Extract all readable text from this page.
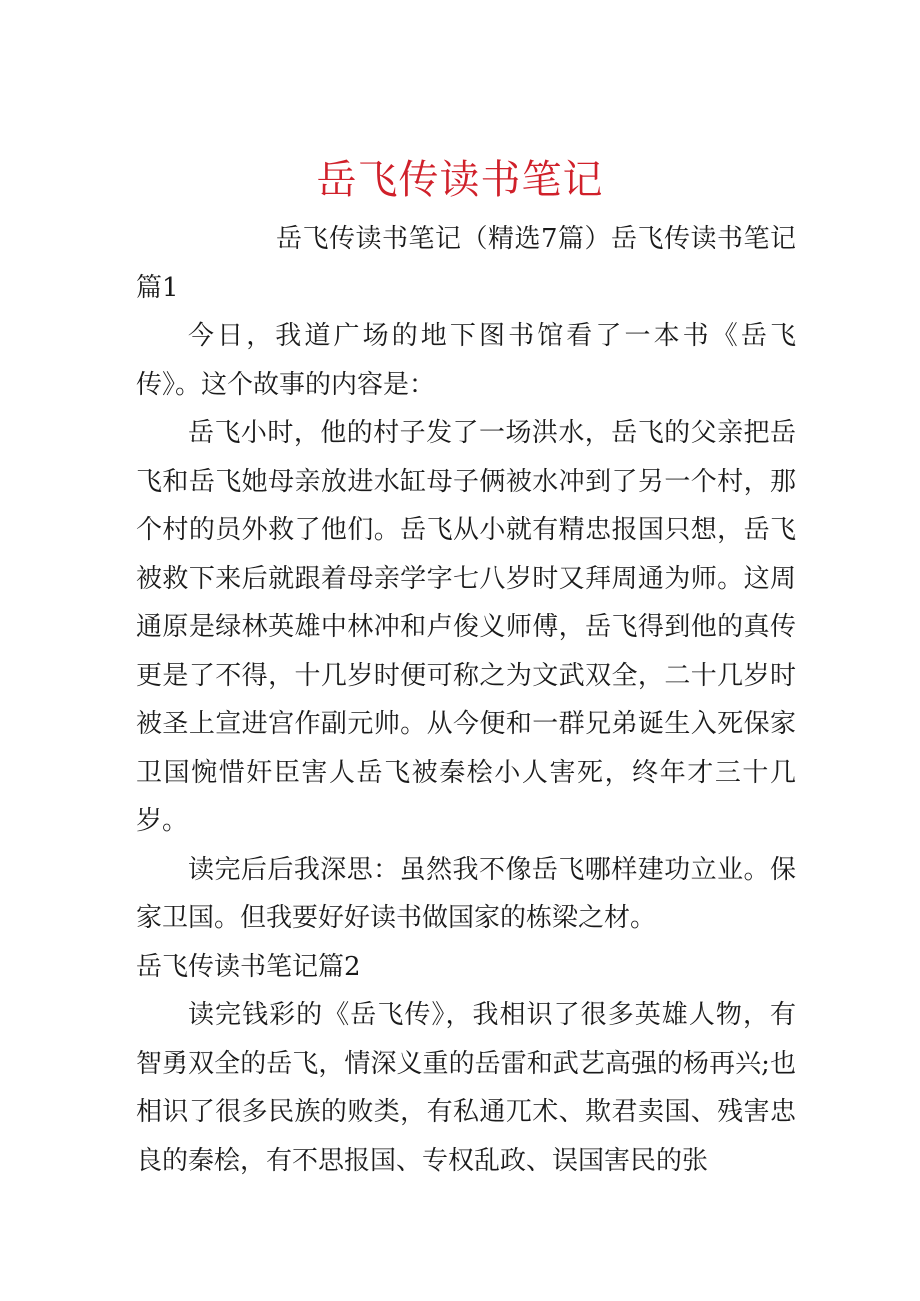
岳飞传读书笔记

岳飞传读书笔记（精选7篇）岳飞传读书笔记篇1

今日，我道广场的地下图书馆看了一本书《岳飞传》。这个故事的内容是：

岳飞小时，他的村子发了一场洪水，岳飞的父亲把岳飞和岳飞她母亲放进水缸母子俩被水冲到了另一个村，那个村的员外救了他们。岳飞从小就有精忠报国只想，岳飞被救下来后就跟着母亲学字七八岁时又拜周通为师。这周通原是绿林英雄中林冲和卢俊义师傅，岳飞得到他的真传更是了不得，十几岁时便可称之为文武双全，二十几岁时被圣上宣进宫作副元帅。从今便和一群兄弟诞生入死保家卫国惋惜奸臣害人岳飞被秦桧小人害死，终年才三十几岁。

读完后后我深思：虽然我不像岳飞哪样建功立业。保家卫国。但我要好好读书做国家的栋梁之材。

岳飞传读书笔记篇2

读完钱彩的《岳飞传》，我相识了很多英雄人物，有智勇双全的岳飞，情深义重的岳雷和武艺高强的杨再兴;也相识了很多民族的败类，有私通兀术、欺君卖国、残害忠良的秦桧，有不思报国、专权乱政、误国害民的张
